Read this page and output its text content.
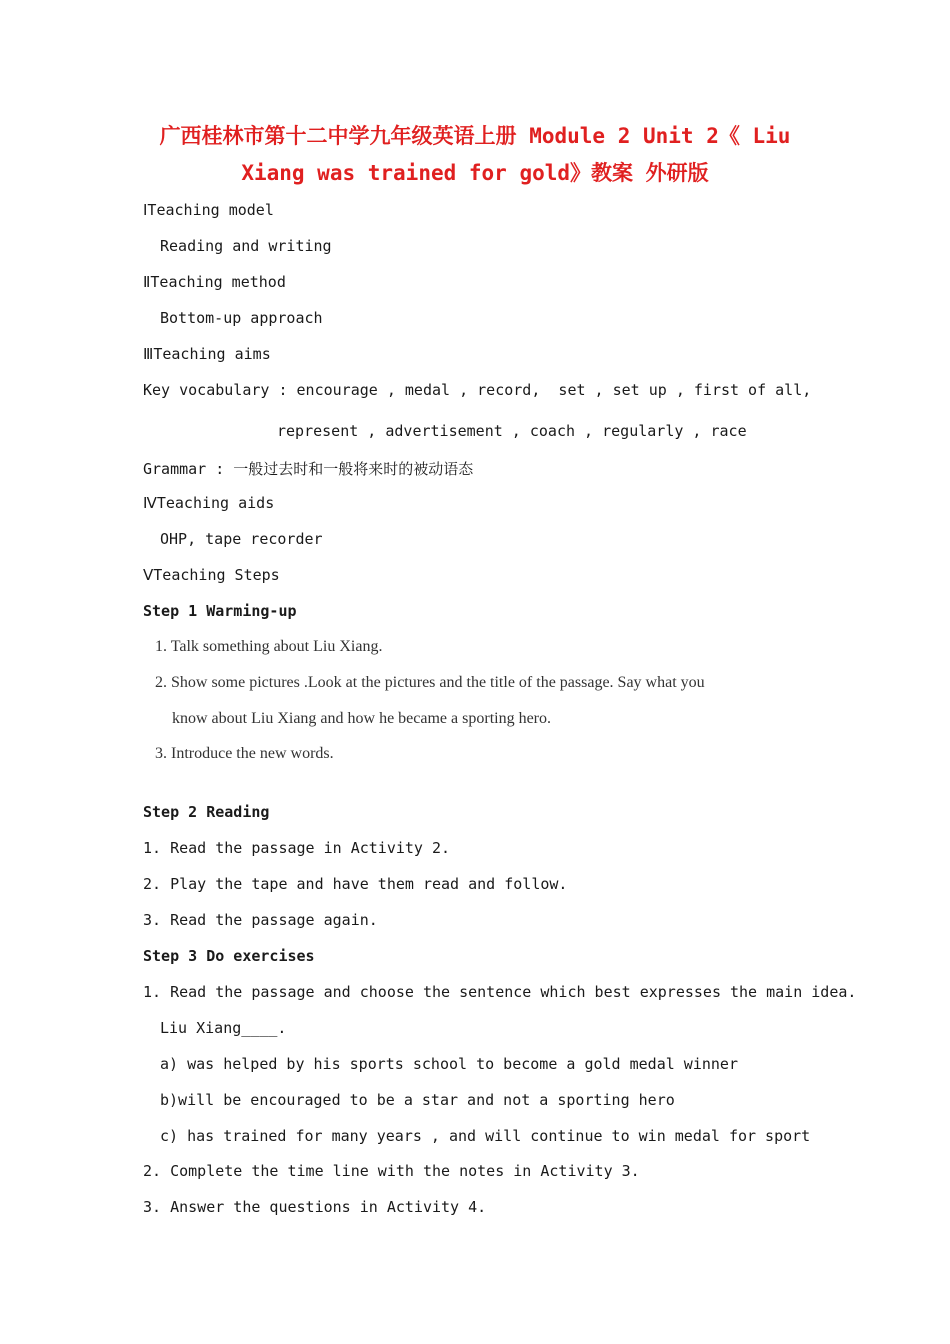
广西桂林市第十二中学九年级英语上册 Module 2 Unit 2《 Liu
Xiang was trained for gold》教案 外研版
ⅠTeaching model
Reading and writing
ⅡTeaching method
Bottom-up approach
ⅢTeaching aims
Key vocabulary : encourage , medal , record,  set , set up , first of all,
represent , advertisement , coach , regularly , race
Grammar : 一般过去时和一般将来时的被动语态
ⅣTeaching aids
OHP, tape recorder
ⅤTeaching Steps
Step 1 Warming-up
1. Talk something about Liu Xiang.
2. Show some pictures .Look at the pictures and the title of the passage. Say what you
know about Liu Xiang and how he became a sporting hero.
3. Introduce the new words.
Step 2 Reading
1. Read the passage in Activity 2.
2. Play the tape and have them read and follow.
3. Read the passage again.
Step 3 Do exercises
1. Read the passage and choose the sentence which best expresses the main idea.
Liu Xiang____.
a) was helped by his sports school to become a gold medal winner
b)will be encouraged to be a star and not a sporting hero
c) has trained for many years , and will continue to win medal for sport
2. Complete the time line with the notes in Activity 3.
3. Answer the questions in Activity 4.
